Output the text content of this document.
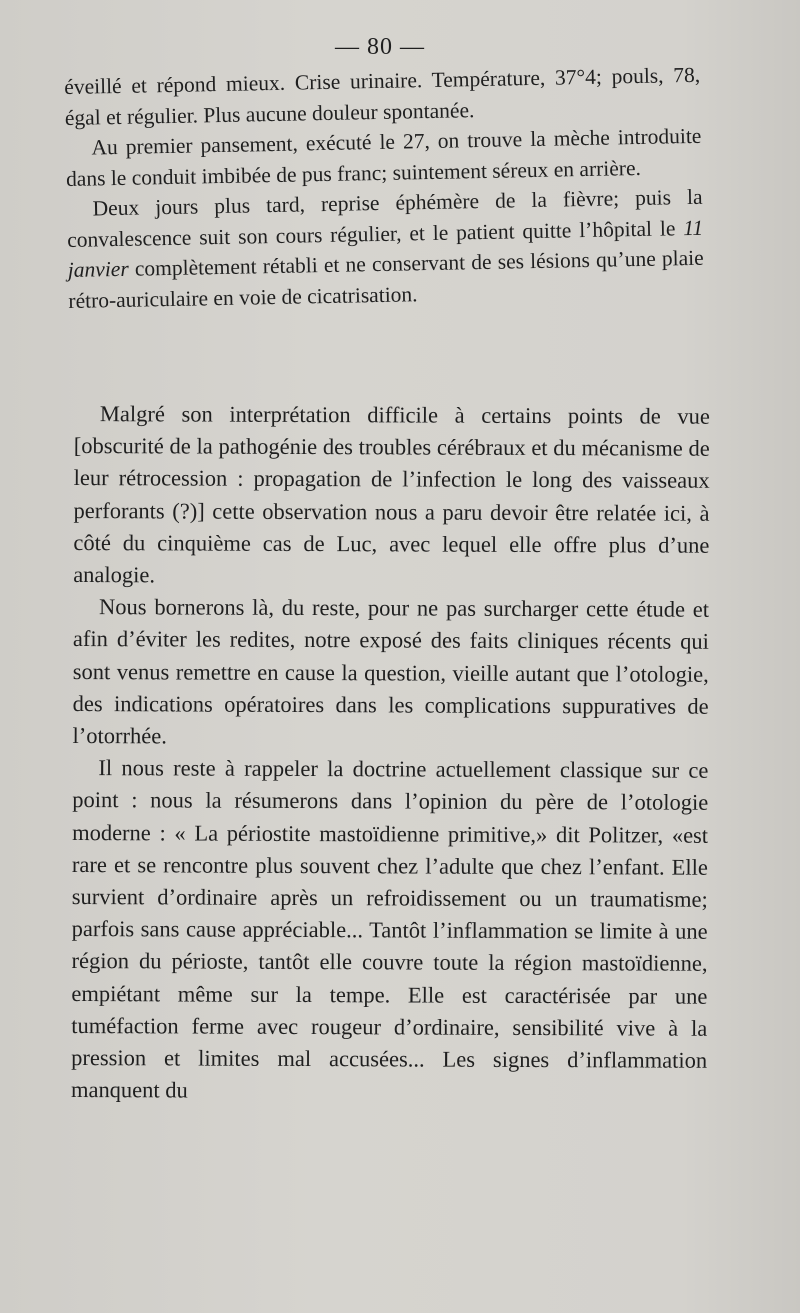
— 80 —

éveillé et répond mieux. Crise urinaire. Température, 37°4; pouls, 78, égal et régulier. Plus aucune douleur spontanée.

Au premier pansement, exécuté le 27, on trouve la mèche introduite dans le conduit imbibée de pus franc; suintement séreux en arrière.

Deux jours plus tard, reprise éphémère de la fièvre; puis la convalescence suit son cours régulier, et le patient quitte l’hôpital le 11 janvier complètement rétabli et ne conservant de ses lésions qu’une plaie rétro-auriculaire en voie de cicatrisation.

Malgré son interprétation difficile à certains points de vue [obscurité de la pathogénie des troubles cérébraux et du mécanisme de leur rétrocession : propagation de l’infection le long des vaisseaux perforants (?)] cette observation nous a paru devoir être relatée ici, à côté du cinquième cas de Luc, avec lequel elle offre plus d’une analogie.

Nous bornerons là, du reste, pour ne pas surcharger cette étude et afin d’éviter les redites, notre exposé des faits cliniques récents qui sont venus remettre en cause la question, vieille autant que l’otologie, des indications opératoires dans les complications suppuratives de l’otorrhée.

Il nous reste à rappeler la doctrine actuellement classique sur ce point : nous la résumerons dans l’opinion du père de l’otologie moderne : « La périostite mastoïdienne primitive,» dit Politzer, «est rare et se rencontre plus souvent chez l’adulte que chez l’enfant. Elle survient d’ordinaire après un refroidissement ou un traumatisme; parfois sans cause appréciable... Tantôt l’inflammation se limite à une région du périoste, tantôt elle couvre toute la région mastoïdienne, empiétant même sur la tempe. Elle est caractérisée par une tuméfaction ferme avec rougeur d’ordinaire, sensibilité vive à la pression et limites mal accusées... Les signes d’inflammation manquent du
